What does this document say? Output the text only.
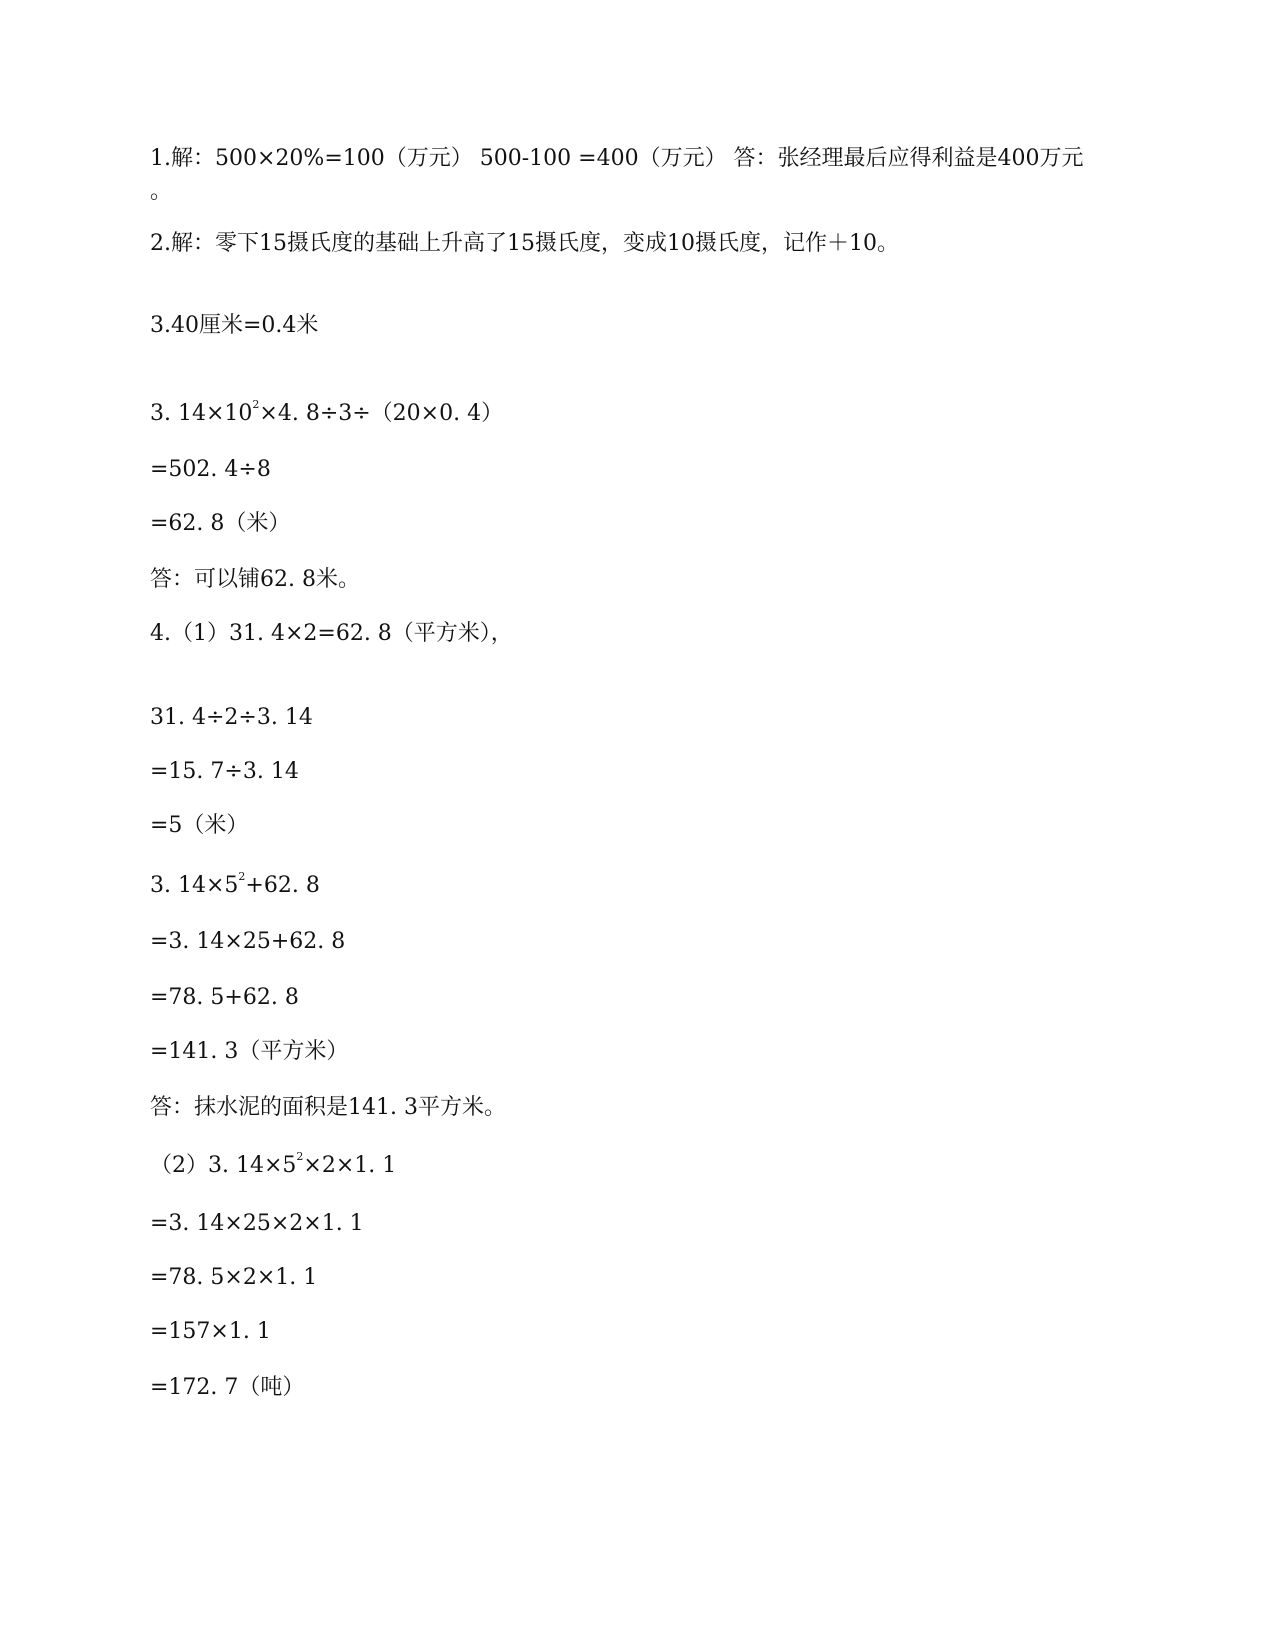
1.解：500×20%=100（万元） 500-100 =400（万元） 答：张经理最后应得利益是400万元
。
2.解：零下15摄氏度的基础上升高了15摄氏度，变成10摄氏度，记作＋10。
3.40厘米=0.4米
3. $14\times 10^2\times 4$. 8÷3÷（20×0. 4）
=502. 4÷8
=62. 8（米）
答：可以铺62. 8米。
4.（1）31. 4×2=62. 8（平方米），
31. 4÷2÷3. 14
=15. 7÷3. 14
=5（米）
3. $14\times 5^2+62$. 8
=3. 14×25+62. 8
=78. 5+62. 8
=141. 3（平方米）
答：抹水泥的面积是141. 3平方米。
（2）3. $14\times 5^2\times 2\times 1$. 1
=3. 14×25×2×1. 1
=78. 5×2×1. 1
=157×1. 1
=172. 7（吨）
